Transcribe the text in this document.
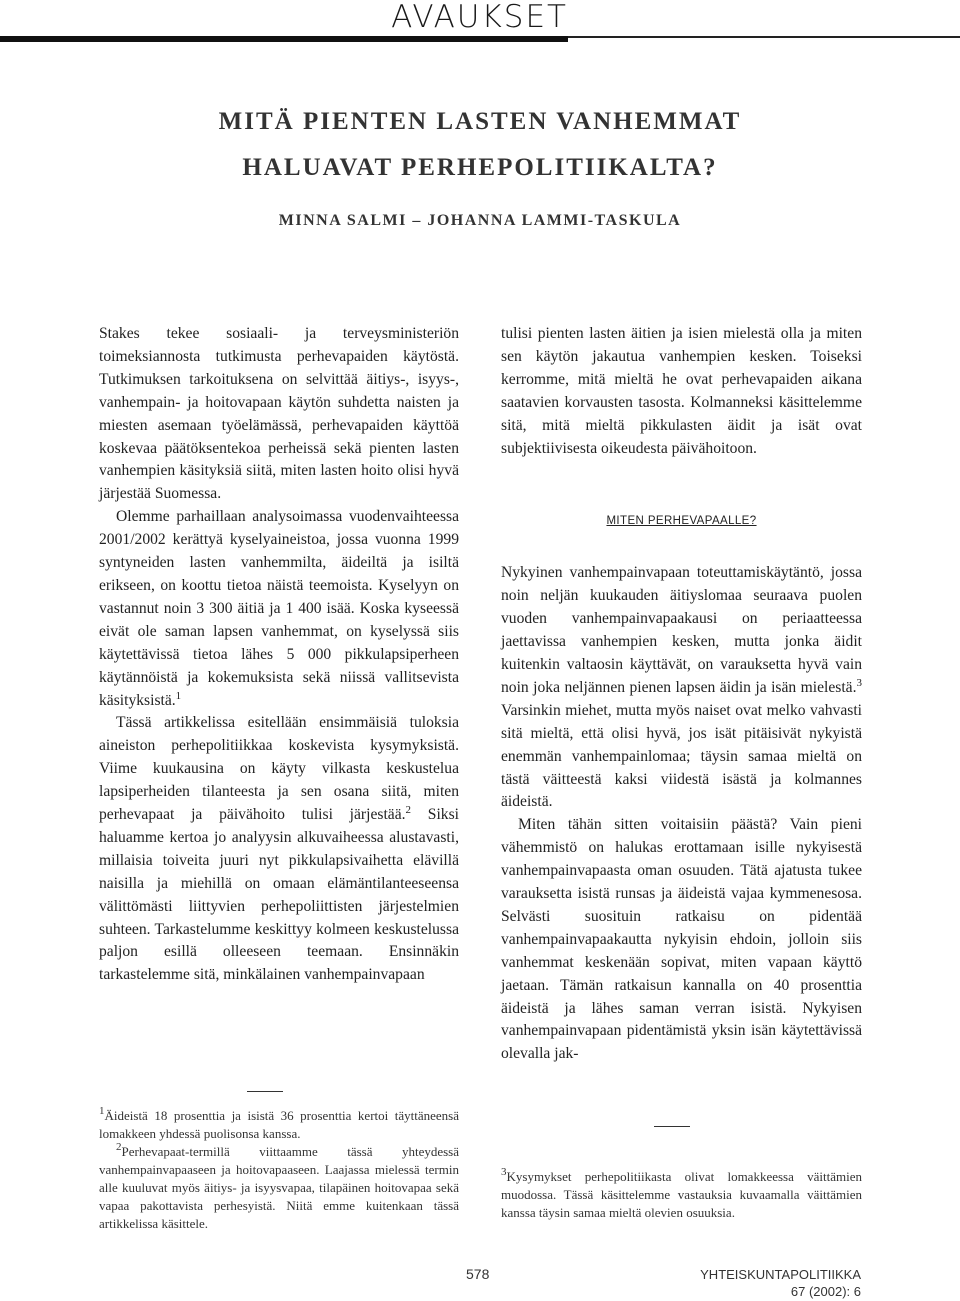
AVAUKSET
MITÄ PIENTEN LASTEN VANHEMMAT
HALUAVAT PERHEPOLITIIKALTA?
MINNA SALMI – JOHANNA LAMMI-TASKULA

Stakes tekee sosiaali- ja terveysministeriön toimeksiannosta tutkimusta perhevapaiden käytöstä. Tutkimuksen tarkoituksena on selvittää äitiys-, isyys-, vanhempain- ja hoitovapaan käytön suhdetta naisten ja miesten asemaan työelämässä, perhevapaiden käyttöä koskevaa päätöksentekoa perheissä sekä pienten lasten vanhempien käsityksiä siitä, miten lasten hoito olisi hyvä järjestää Suomessa.

Olemme parhaillaan analysoimassa vuodenvaihteessa 2001/2002 kerättyä kyselyaineistoa, jossa vuonna 1999 syntyneiden lasten vanhemmilta, äideiltä ja isiltä erikseen, on koottu tietoa näistä teemoista. Kyselyyn on vastannut noin 3 300 äitiä ja 1 400 isää. Koska kyseessä eivät ole saman lapsen vanhemmat, on kyselyssä siis käytettävissä tietoa lähes 5 000 pikkulapsiperheen käytännöistä ja kokemuksista sekä niissä vallitsevista käsityksistä.$^1$

Tässä artikkelissa esitellään ensimmäisiä tuloksia aineiston perhepolitiikkaa koskevista kysymyksistä. Viime kuukausina on käyty vilkasta keskustelua lapsiperheiden tilanteesta ja sen osana siitä, miten perhevapaat ja päivähoito tulisi järjestää.$^2$ Siksi haluamme kertoa jo analyysin alkuvaiheessa alustavasti, millaisia toiveita juuri nyt pikkulapsivaihetta elävillä naisilla ja miehillä on omaan elämäntilanteeseensa välittömästi liittyvien perhepoliittisten järjestelmien suhteen. Tarkastelumme keskittyy kolmeen keskustelussa paljon esillä olleeseen teemaan. Ensinnäkin tarkastelemme sitä, minkälainen vanhempainvapaan

tulisi pienten lasten äitien ja isien mielestä olla ja miten sen käytön jakautua vanhempien kesken. Toiseksi kerromme, mitä mieltä he ovat perhevapaiden aikana saatavien korvausten tasosta. Kolmanneksi käsittelemme sitä, mitä mieltä pikkulasten äidit ja isät ovat subjektiivisesta oikeudesta päivähoitoon.

MITEN PERHEVAPAALLE?

Nykyinen vanhempainvapaan toteuttamiskäytäntö, jossa noin neljän kuukauden äitiyslomaa seuraava puolen vuoden vanhempainvapaakausi on periaatteessa jaettavissa vanhempien kesken, mutta jonka äidit kuitenkin valtaosin käyttävät, on varauksetta hyvä vain noin joka neljännen pienen lapsen äidin ja isän mielestä.$^3$ Varsinkin miehet, mutta myös naiset ovat melko vahvasti sitä mieltä, että olisi hyvä, jos isät pitäisivät nykyistä enemmän vanhempainlomaa; täysin samaa mieltä on tästä väitteestä kaksi viidestä isästä ja kolmannes äideistä.

Miten tähän sitten voitaisiin päästä? Vain pieni vähemmistö on halukas erottamaan isille nykyisestä vanhempainvapaasta oman osuuden. Tätä ajatusta tukee varauksetta isistä runsas ja äideistä vajaa kymmenesosa. Selvästi suosituin ratkaisu on pidentää vanhempainvapaakautta nykyisin ehdoin, jolloin siis vanhemmat keskenään sopivat, miten vapaan käyttö jaetaan. Tämän ratkaisun kannalla on 40 prosenttia äideistä ja lähes saman verran isistä. Nykyisen vanhempainvapaan pidentämistä yksin isän käytettävissä olevalla jak-

$^1$Äideistä 18 prosenttia ja isistä 36 prosenttia kertoi täyttäneensä lomakkeen yhdessä puolisonsa kanssa.

$^2$Perhevapaat-termillä viittaamme tässä yhteydessä vanhempainvapaaseen ja hoitovapaaseen. Laajassa mielessä termin alle kuuluvat myös äitiys- ja isyysvapaa, tilapäinen hoitovapaa sekä vapaa pakottavista perhesyistä. Niitä emme kuitenkaan tässä artikkelissa käsittele.

$^3$Kysymykset perhepolitiikasta olivat lomakkeessa väittämien muodossa. Tässä käsittelemme vastauksia kuvaamalla väittämien kanssa täysin samaa mieltä olevien osuuksia.

578	YHTEISKUNTAPOLITIIKKA
67 (2002): 6
